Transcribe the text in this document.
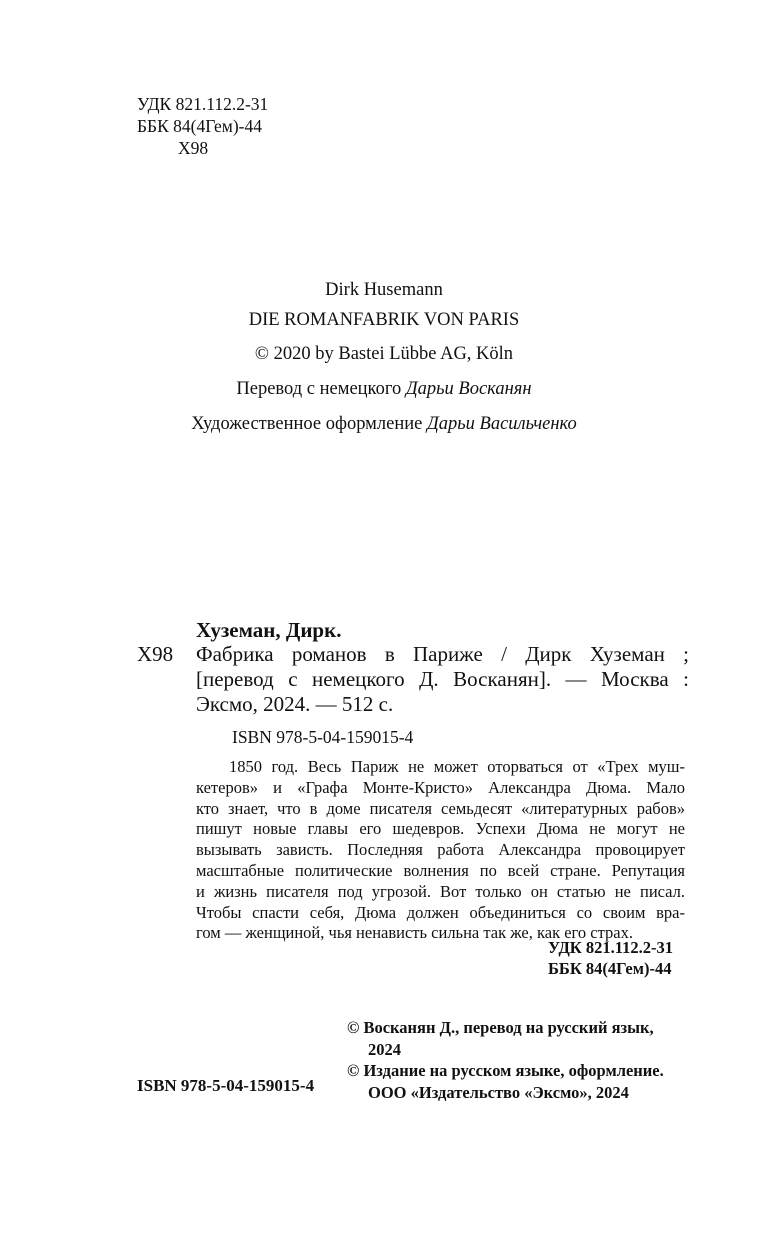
УДК 821.112.2-31
ББК 84(4Гем)-44
Х98
Dirk Husemann
DIE ROMANFABRIK VON PARIS
© 2020 by Bastei Lübbe AG, Köln
Перевод с немецкого Дарьи Восканян
Художественное оформление Дарьи Васильченко
Хуземан, Дирк.
Х98 Фабрика романов в Париже / Дирк Хуземан ;
[перевод с немецкого Д. Восканян]. — Москва :
Эксмо, 2024. — 512 с.
ISBN 978-5-04-159015-4
1850 год. Весь Париж не может оторваться от «Трех муш-
кетеров» и «Графа Монте-Кристо» Александра Дюма. Мало
кто знает, что в доме писателя семьдесят «литературных рабов»
пишут новые главы его шедевров. Успехи Дюма не могут не
вызывать зависть. Последняя работа Александра провоцирует
масштабные политические волнения по всей стране. Репутация
и жизнь писателя под угрозой. Вот только он статью не писал.
Чтобы спасти себя, Дюма должен объединиться со своим вра-
гом — женщиной, чья ненависть сильна так же, как его страх.
УДК 821.112.2-31
ББК 84(4Гем)-44
© Восканян Д., перевод на русский язык,
2024
© Издание на русском языке, оформление.
ООО «Издательство «Эксмо», 2024
ISBN 978-5-04-159015-4
